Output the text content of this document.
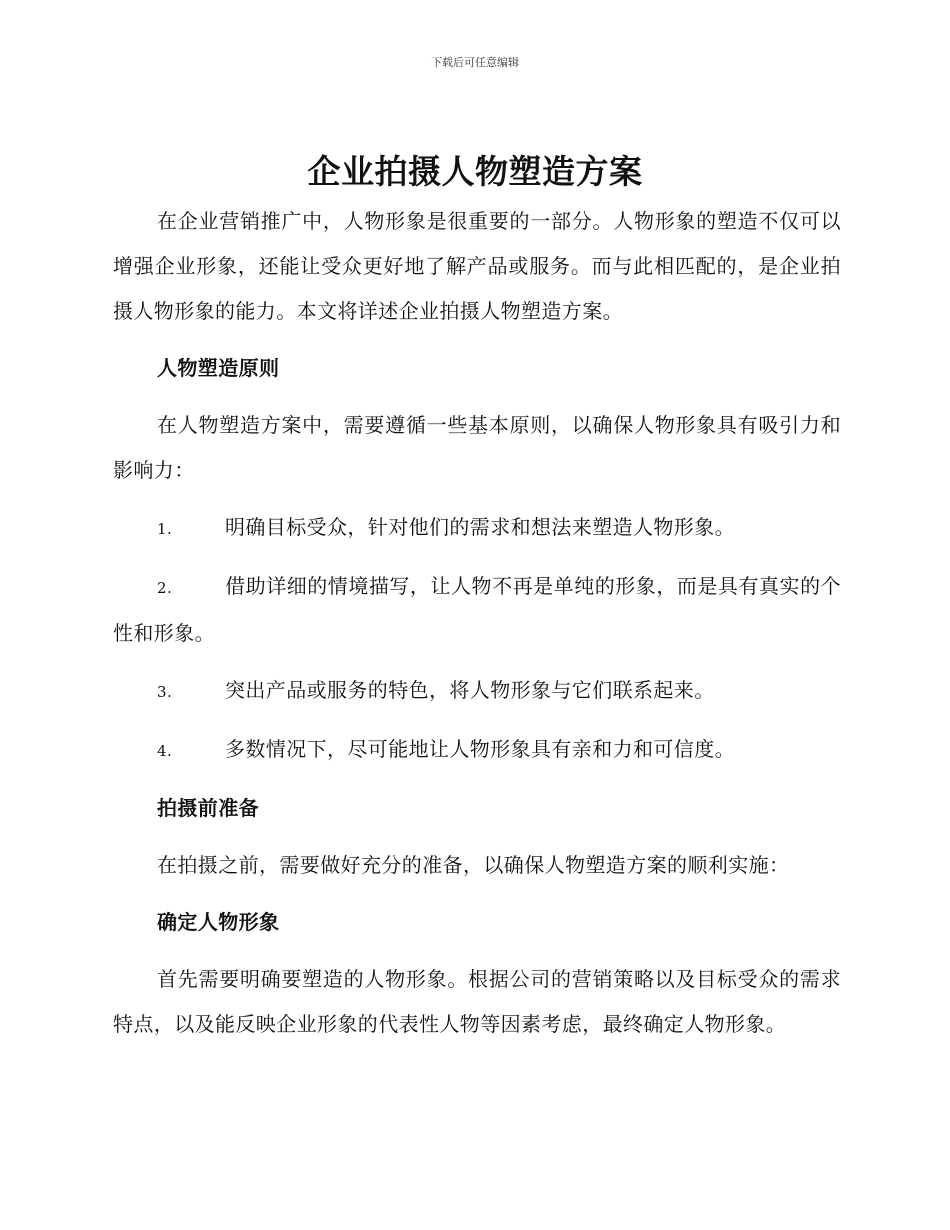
下载后可任意编辑
企业拍摄人物塑造方案

在企业营销推广中，人物形象是很重要的一部分。人物形象的塑造不仅可以增强企业形象，还能让受众更好地了解产品或服务。而与此相匹配的，是企业拍摄人物形象的能力。本文将详述企业拍摄人物塑造方案。

人物塑造原则

在人物塑造方案中，需要遵循一些基本原则，以确保人物形象具有吸引力和影响力：

1.	明确目标受众，针对他们的需求和想法来塑造人物形象。

2.	借助详细的情境描写，让人物不再是单纯的形象，而是具有真实的个性和形象。

3.	突出产品或服务的特色，将人物形象与它们联系起来。

4.	多数情况下，尽可能地让人物形象具有亲和力和可信度。

拍摄前准备

在拍摄之前，需要做好充分的准备，以确保人物塑造方案的顺利实施：

确定人物形象

首先需要明确要塑造的人物形象。根据公司的营销策略以及目标受众的需求特点，以及能反映企业形象的代表性人物等因素考虑，最终确定人物形象。
